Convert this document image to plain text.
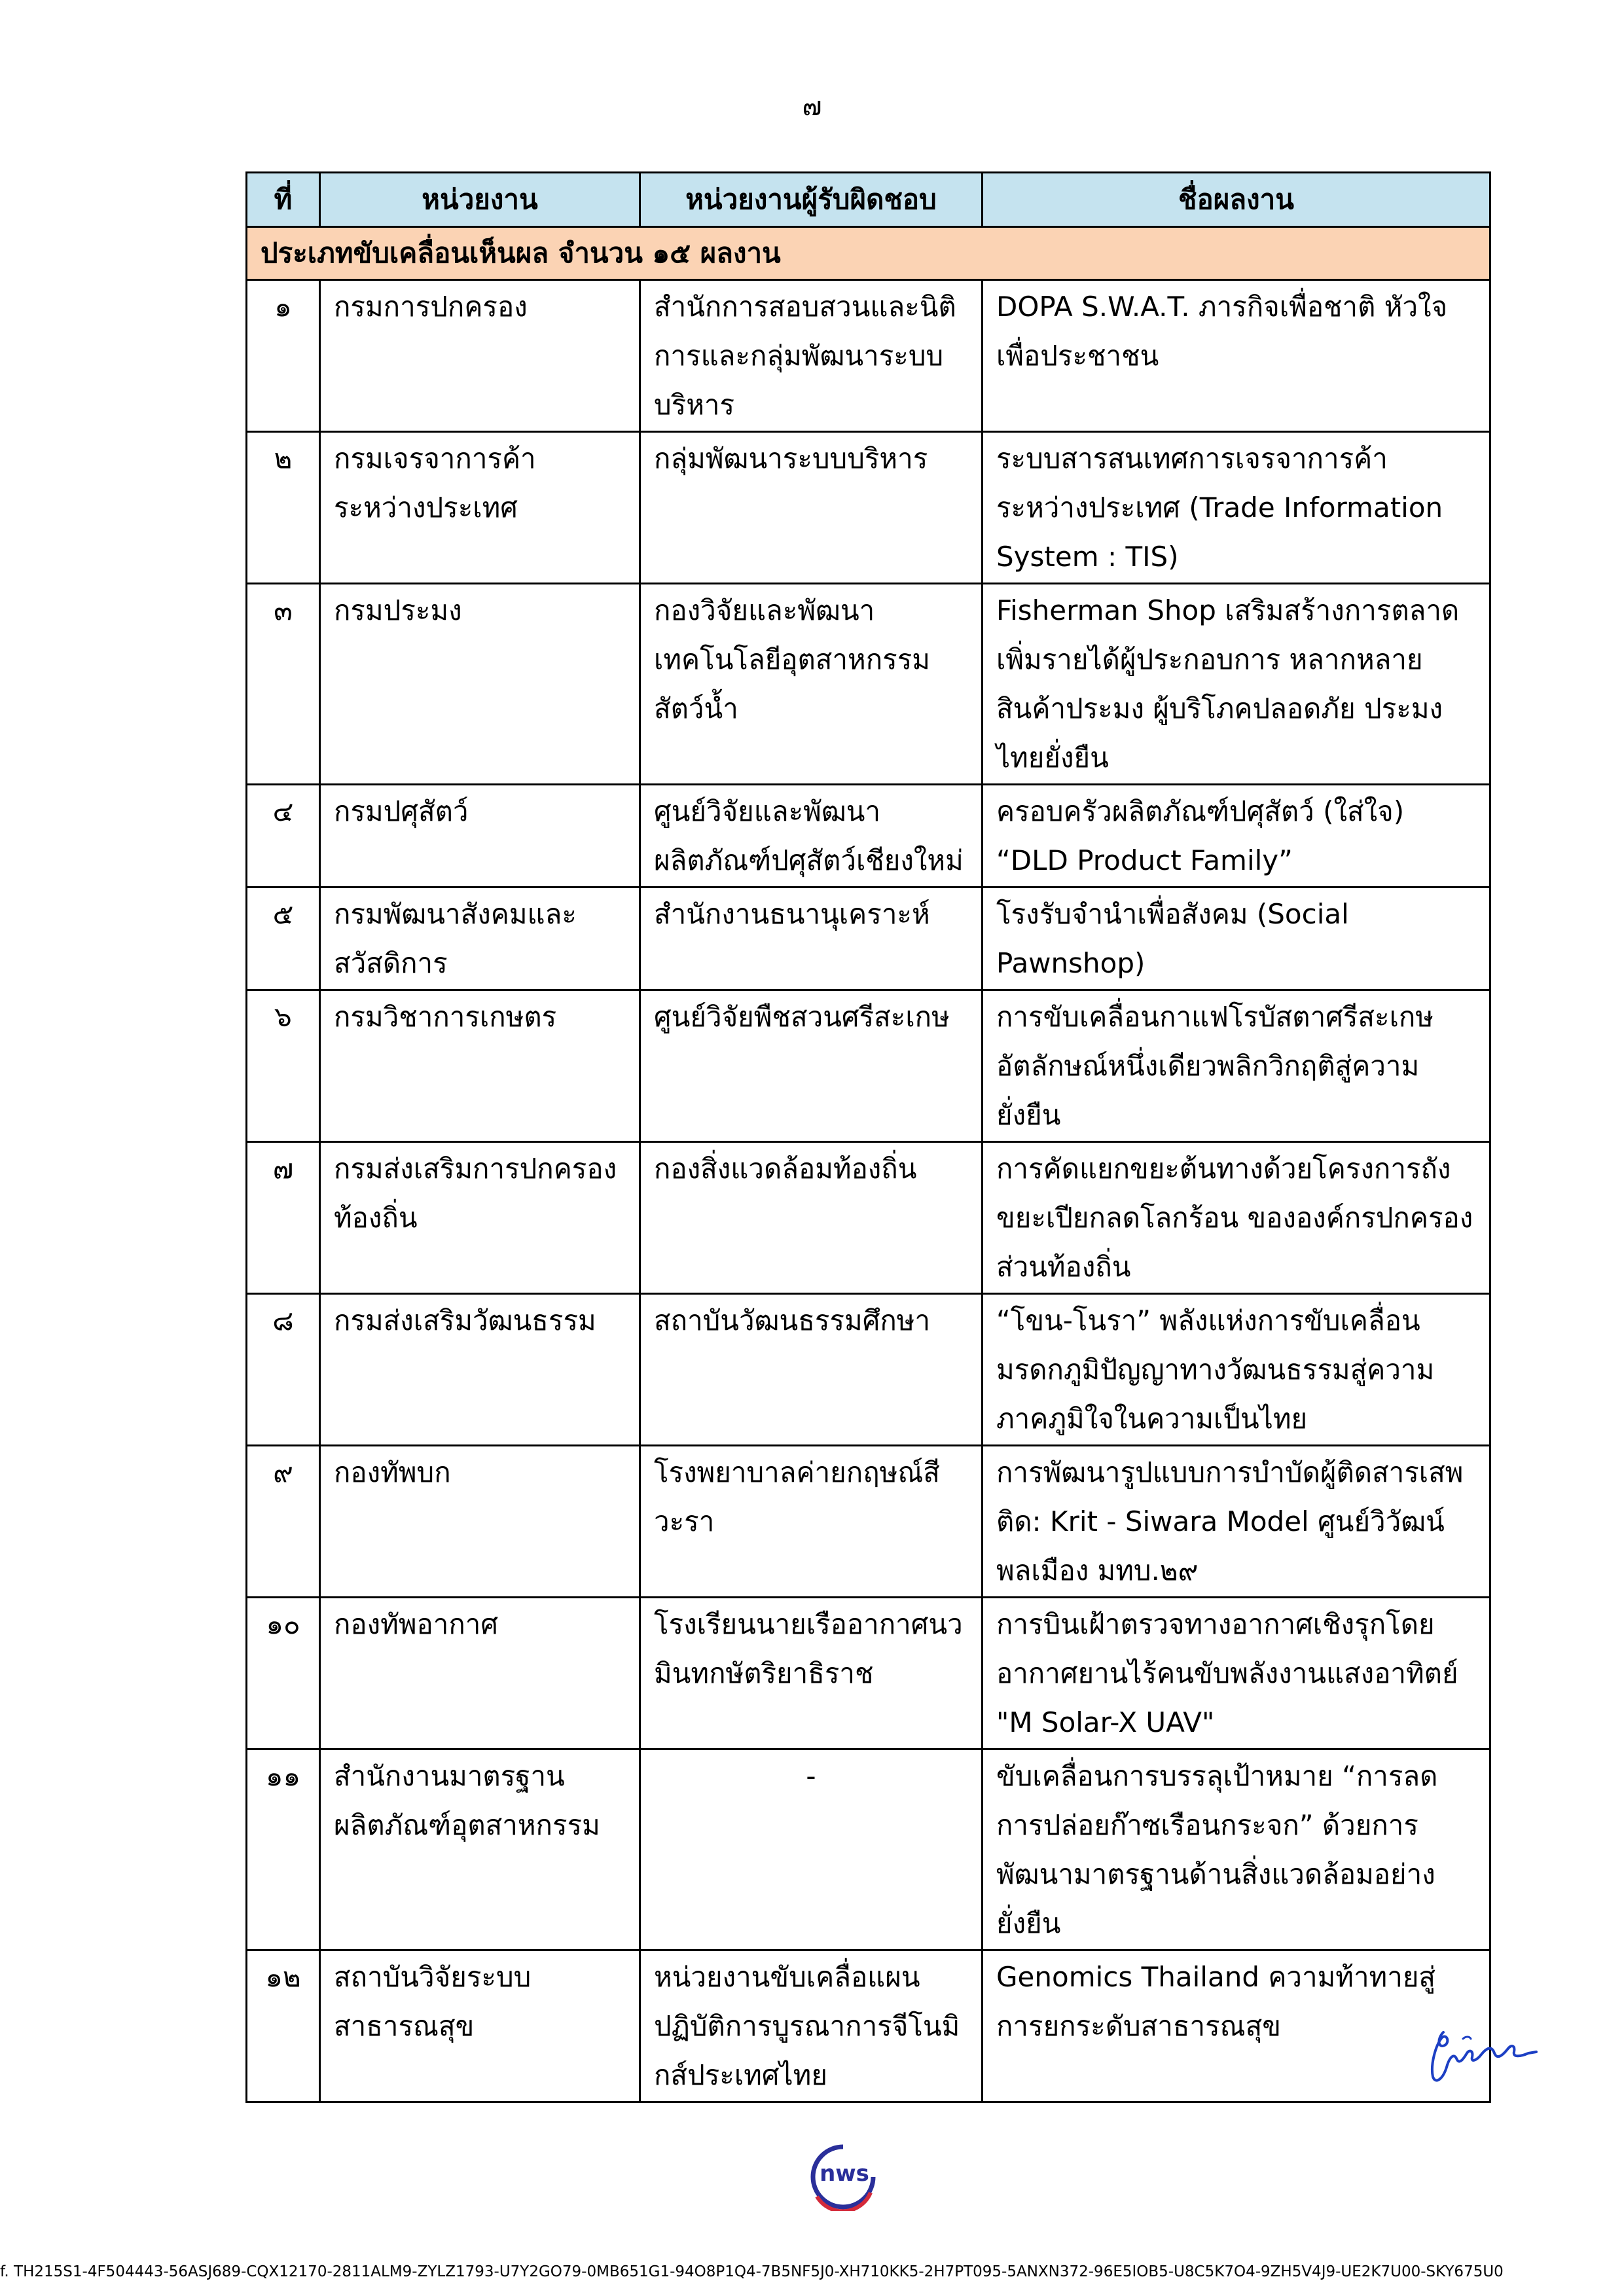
๗
ที่	หน่วยงาน	หน่วยงานผู้รับผิดชอบ	ชื่อผลงาน
ประเภทขับเคลื่อนเห็นผล จำนวน ๑๕ ผลงาน			
๑	กรมการปกครอง	สำนักการสอบสวนและนิติการและกลุ่มพัฒนาระบบบริหาร	DOPA S.W.A.T. ภารกิจเพื่อชาติ หัวใจเพื่อประชาชน
๒	กรมเจรจาการค้าระหว่างประเทศ	กลุ่มพัฒนาระบบบริหาร	ระบบสารสนเทศการเจรจาการค้าระหว่างประเทศ (Trade Information System : TIS)
๓	กรมประมง	กองวิจัยและพัฒนาเทคโนโลยีอุตสาหกรรมสัตว์น้ำ	Fisherman Shop เสริมสร้างการตลาด เพิ่มรายได้ผู้ประกอบการ หลากหลายสินค้าประมง ผู้บริโภคปลอดภัย ประมงไทยยั่งยืน
๔	กรมปศุสัตว์	ศูนย์วิจัยและพัฒนาผลิตภัณฑ์ปศุสัตว์เชียงใหม่	ครอบครัวผลิตภัณฑ์ปศุสัตว์ (ใส่ใจ) “DLD Product Family”
๕	กรมพัฒนาสังคมและสวัสดิการ	สำนักงานธนานุเคราะห์	โรงรับจำนำเพื่อสังคม (Social Pawnshop)
๖	กรมวิชาการเกษตร	ศูนย์วิจัยพืชสวนศรีสะเกษ	การขับเคลื่อนกาแฟโรบัสตาศรีสะเกษ อัตลักษณ์หนึ่งเดียวพลิกวิกฤติสู่ความยั่งยืน
๗	กรมส่งเสริมการปกครองท้องถิ่น	กองสิ่งแวดล้อมท้องถิ่น	การคัดแยกขยะต้นทางด้วยโครงการถังขยะเปียกลดโลกร้อน ขององค์กรปกครองส่วนท้องถิ่น
๘	กรมส่งเสริมวัฒนธรรม	สถาบันวัฒนธรรมศึกษา	“โขน-โนรา” พลังแห่งการขับเคลื่อนมรดกภูมิปัญญาทางวัฒนธรรมสู่ความภาคภูมิใจในความเป็นไทย
๙	กองทัพบก	โรงพยาบาลค่ายกฤษณ์สีวะรา	การพัฒนารูปแบบการบำบัดผู้ติดสารเสพติด: Krit - Siwara Model ศูนย์วิวัฒน์พลเมือง มทบ.๒๙
๑๐	กองทัพอากาศ	โรงเรียนนายเรืออากาศนวมินทกษัตริยาธิราช	การบินเฝ้าตรวจทางอากาศเชิงรุกโดยอากาศยานไร้คนขับพลังงานแสงอาทิตย์ "M Solar-X UAV"
๑๑	สำนักงานมาตรฐานผลิตภัณฑ์อุตสาหกรรม	-	ขับเคลื่อนการบรรลุเป้าหมาย “การลดการปล่อยก๊าซเรือนกระจก” ด้วยการพัฒนามาตรฐานด้านสิ่งแวดล้อมอย่างยั่งยืน
๑๒	สถาบันวิจัยระบบสาธารณสุข	หน่วยงานขับเคลื่อแผนปฏิบัติการบูรณาการจีโนมิกส์ประเทศไทย	Genomics Thailand ความท้าทายสู่การยกระดับสาธารณสุข
nws
f. TH215S1-4F504443-56ASJ689-CQX12170-2811ALM9-ZYLZ1793-U7Y2GO79-0MB651G1-94O8P1Q4-7B5NF5J0-XH710KK5-2H7PT095-5ANXN372-96E5IOB5-U8C5K7O4-9ZH5V4J9-UE2K7U00-SKY675U0
